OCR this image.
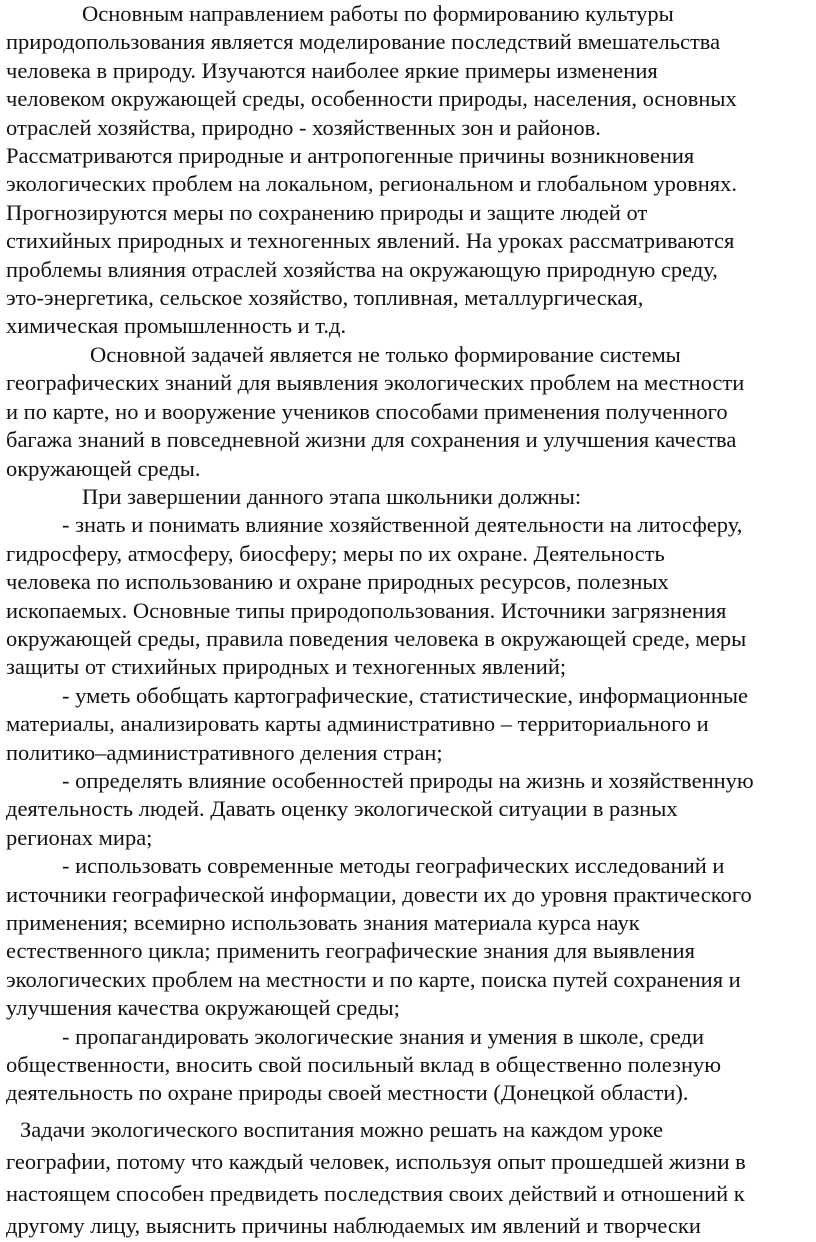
Основным направлением работы по формированию культуры
природопользования является моделирование последствий вмешательства
человека в природу. Изучаются наиболее яркие примеры изменения
человеком окружающей среды, особенности природы, населения, основных
отраслей хозяйства, природно - хозяйственных зон и районов.
Рассматриваются природные и антропогенные причины возникновения
экологических проблем на локальном, региональном и глобальном уровнях.
Прогнозируются меры по сохранению природы и защите людей от
стихийных природных и техногенных явлений. На уроках рассматриваются
проблемы влияния отраслей хозяйства на окружающую природную среду,
это-энергетика, сельское хозяйство, топливная, металлургическая,
химическая промышленность и т.д.
Основной задачей является не только формирование системы
географических знаний для выявления экологических проблем на местности
и по карте, но и вооружение учеников способами применения полученного
багажа знаний в повседневной жизни для сохранения и улучшения качества
окружающей среды.
При завершении данного этапа школьники должны:
- знать и понимать влияние хозяйственной деятельности на литосферу,
гидросферу, атмосферу, биосферу; меры по их охране. Деятельность
человека по использованию и охране природных ресурсов, полезных
ископаемых. Основные типы природопользования. Источники загрязнения
окружающей среды, правила поведения человека в окружающей среде, меры
защиты от стихийных природных и техногенных явлений;
- уметь обобщать картографические, статистические, информационные
материалы, анализировать карты административно – территориального и
политико–административного деления стран;
- определять влияние особенностей природы на жизнь и хозяйственную
деятельность людей. Давать оценку экологической ситуации в разных
регионах мира;
- использовать современные методы географических исследований и
источники географической информации, довести их до уровня практического
применения; всемирно использовать знания материала курса наук
естественного цикла; применить географические знания для выявления
экологических проблем на местности и по карте, поиска путей сохранения и
улучшения качества окружающей среды;
- пропагандировать экологические знания и умения в школе, среди
общественности, вносить свой посильный вклад в общественно полезную
деятельность по охране природы своей местности (Донецкой области).
Задачи экологического воспитания можно решать на каждом уроке
географии, потому что каждый человек, используя опыт прошедшей жизни в
настоящем способен предвидеть последствия своих действий и отношений к
другому лицу, выяснить причины наблюдаемых им явлений и творчески
